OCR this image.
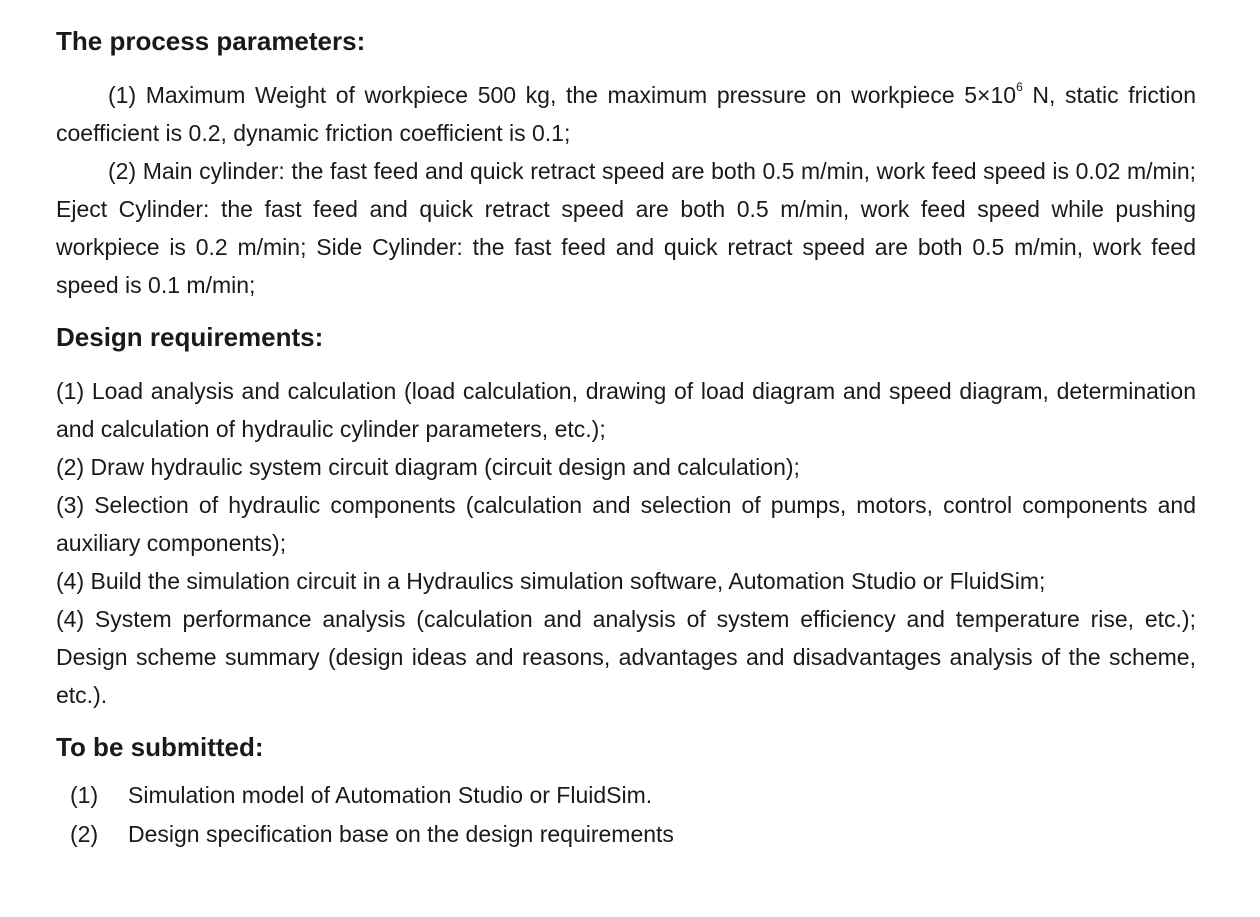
The process parameters:

(1) Maximum Weight of workpiece 500 kg, the maximum pressure on workpiece $5\times 10^6$ N, static friction coefficient is 0.2, dynamic friction coefficient is 0.1;

(2) Main cylinder: the fast feed and quick retract speed are both 0.5 m/min, work feed speed is 0.02 m/min; Eject Cylinder: the fast feed and quick retract speed are both 0.5 m/min, work feed speed while pushing workpiece is 0.2 m/min; Side Cylinder: the fast feed and quick retract speed are both 0.5 m/min, work feed speed is 0.1 m/min;

Design requirements:

(1) Load analysis and calculation (load calculation, drawing of load diagram and speed diagram, determination and calculation of hydraulic cylinder parameters, etc.);

(2) Draw hydraulic system circuit diagram (circuit design and calculation);

(3) Selection of hydraulic components (calculation and selection of pumps, motors, control components and auxiliary components);

(4) Build the simulation circuit in a Hydraulics simulation software, Automation Studio or FluidSim;

(4) System performance analysis (calculation and analysis of system efficiency and temperature rise, etc.); Design scheme summary (design ideas and reasons, advantages and disadvantages analysis of the scheme, etc.).

To be submitted:
(1)	Simulation model of Automation Studio or FluidSim.
(2)	Design specification base on the design requirements
